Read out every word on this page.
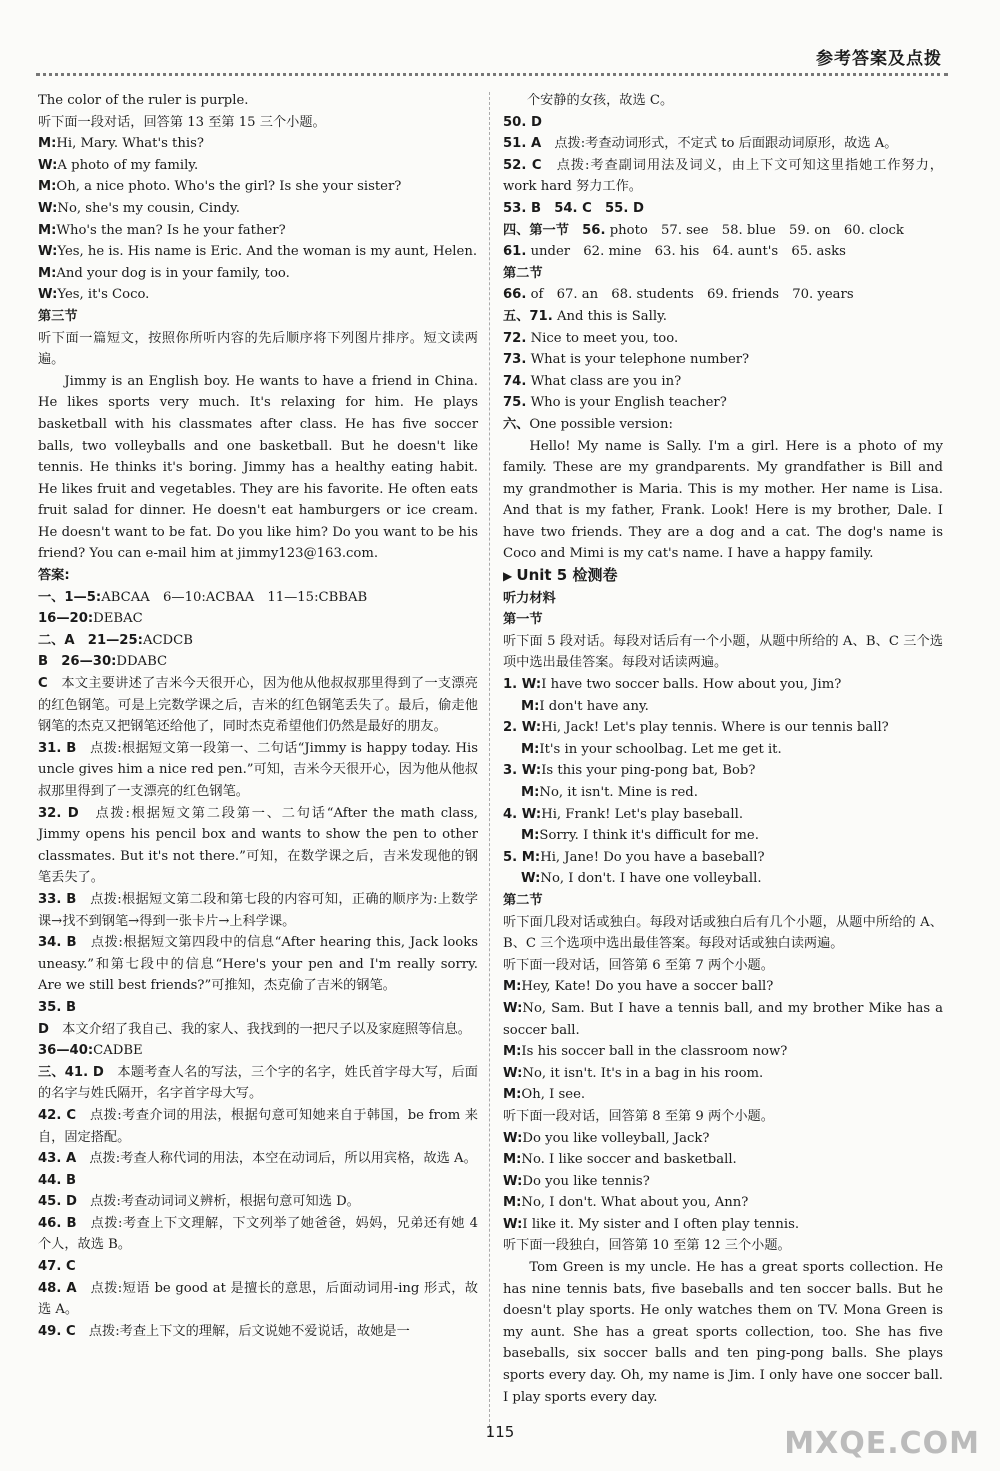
参考答案及点拨

The color of the ruler is purple.

听下面一段对话，回答第 13 至第 15 三个小题。

M:Hi, Mary. What's this?

W:A photo of my family.

M:Oh, a nice photo. Who's the girl? Is she your sister?

W:No, she's my cousin, Cindy.

M:Who's the man? Is he your father?

W:Yes, he is. His name is Eric. And the woman is my aunt, Helen.

M:And your dog is in your family, too.

W:Yes, it's Coco.

第三节

听下面一篇短文，按照你所听内容的先后顺序将下列图片排序。短文读两遍。

Jimmy is an English boy. He wants to have a friend in China. He likes sports very much. It's relaxing for him. He plays basketball with his classmates after class. He has five soccer balls, two volleyballs and one basketball. But he doesn't like tennis. He thinks it's boring. Jimmy has a healthy eating habit. He likes fruit and vegetables. They are his favorite. He often eats fruit salad for dinner. He doesn't eat hamburgers or ice cream. He doesn't want to be fat. Do you like him? Do you want to be his friend? You can e-mail him at jimmy123@163.com.

答案:

一、1—5:ABCAA　6—10:ACBAA　11—15:CBBAB

16—20:DEBAC

二、A　21—25:ACDCB

B　26—30:DDABC

C　本文主要讲述了吉米今天很开心，因为他从他叔叔那里得到了一支漂亮的红色钢笔。可是上完数学课之后，吉米的红色钢笔丢失了。最后，偷走他钢笔的杰克又把钢笔还给他了，同时杰克希望他们仍然是最好的朋友。

31. B　点拨:根据短文第一段第一、二句话“Jimmy is happy today. His uncle gives him a nice red pen.”可知，吉米今天很开心，因为他从他叔叔那里得到了一支漂亮的红色钢笔。

32. D　点拨:根据短文第二段第一、二句话“After the math class, Jimmy opens his pencil box and wants to show the pen to other classmates. But it's not there.”可知，在数学课之后，吉米发现他的钢笔丢失了。

33. B　点拨:根据短文第二段和第七段的内容可知，正确的顺序为:上数学课→找不到钢笔→得到一张卡片→上科学课。

34. B　点拨:根据短文第四段中的信息“After hearing this, Jack looks uneasy.”和第七段中的信息“Here's your pen and I'm really sorry. Are we still best friends?”可推知，杰克偷了吉米的钢笔。

35. B

D　本文介绍了我自己、我的家人、我找到的一把尺子以及家庭照等信息。

36—40:CADBE

三、41. D　本题考查人名的写法，三个字的名字，姓氏首字母大写，后面的名字与姓氏隔开，名字首字母大写。

42. C　点拨:考查介词的用法，根据句意可知她来自于韩国，be from 来自，固定搭配。

43. A　点拨:考查人称代词的用法，本空在动词后，所以用宾格，故选 A。

44. B

45. D　点拨:考查动词词义辨析，根据句意可知选 D。

46. B　点拨:考查上下文理解，下文列举了她爸爸，妈妈，兄弟还有她 4 个人，故选 B。

47. C

48. A　点拨:短语 be good at 是擅长的意思，后面动词用-ing 形式，故选 A。

49. C　点拨:考查上下文的理解，后文说她不爱说话，故她是一

个安静的女孩，故选 C。

50. D

51. A　点拨:考查动词形式，不定式 to 后面跟动词原形，故选 A。

52. C　点拨:考查副词用法及词义，由上下文可知这里指她工作努力，work hard 努力工作。

53. B　54. C　55. D

四、第一节　56. photo　57. see　58. blue　59. on　60. clock

61. under　62. mine　63. his　64. aunt's　65. asks

第二节

66. of　67. an　68. students　69. friends　70. years

五、71. And this is Sally.

72. Nice to meet you, too.

73. What is your telephone number?

74. What class are you in?

75. Who is your English teacher?

六、One possible version:

Hello! My name is Sally. I'm a girl. Here is a photo of my family. These are my grandparents. My grandfather is Bill and my grandmother is Maria. This is my mother. Her name is Lisa. And that is my father, Frank. Look! Here is my brother, Dale. I have two friends. They are a dog and a cat. The dog's name is Coco and Mimi is my cat's name. I have a happy family.

▶ Unit 5 检测卷

听力材料

第一节

听下面 5 段对话。每段对话后有一个小题，从题中所给的 A、B、C 三个选项中选出最佳答案。每段对话读两遍。

1. W:I have two soccer balls. How about you, Jim?

M:I don't have any.

2. W:Hi, Jack! Let's play tennis. Where is our tennis ball?

M:It's in your schoolbag. Let me get it.

3. W:Is this your ping-pong bat, Bob?

M:No, it isn't. Mine is red.

4. W:Hi, Frank! Let's play baseball.

M:Sorry. I think it's difficult for me.

5. M:Hi, Jane! Do you have a baseball?

W:No, I don't. I have one volleyball.

第二节

听下面几段对话或独白。每段对话或独白后有几个小题，从题中所给的 A、B、C 三个选项中选出最佳答案。每段对话或独白读两遍。

听下面一段对话，回答第 6 至第 7 两个小题。

M:Hey, Kate! Do you have a soccer ball?

W:No, Sam. But I have a tennis ball, and my brother Mike has a soccer ball.

M:Is his soccer ball in the classroom now?

W:No, it isn't. It's in a bag in his room.

M:Oh, I see.

听下面一段对话，回答第 8 至第 9 两个小题。

W:Do you like volleyball, Jack?

M:No. I like soccer and basketball.

W:Do you like tennis?

M:No, I don't. What about you, Ann?

W:I like it. My sister and I often play tennis.

听下面一段独白，回答第 10 至第 12 三个小题。

Tom Green is my uncle. He has a great sports collection. He has nine tennis bats, five baseballs and ten soccer balls. But he doesn't play sports. He only watches them on TV. Mona Green is my aunt. She has a great sports collection, too. She has five baseballs, six soccer balls and ten ping-pong balls. She plays sports every day. Oh, my name is Jim. I only have one soccer ball. I play sports every day.

115	MXQE.COM
